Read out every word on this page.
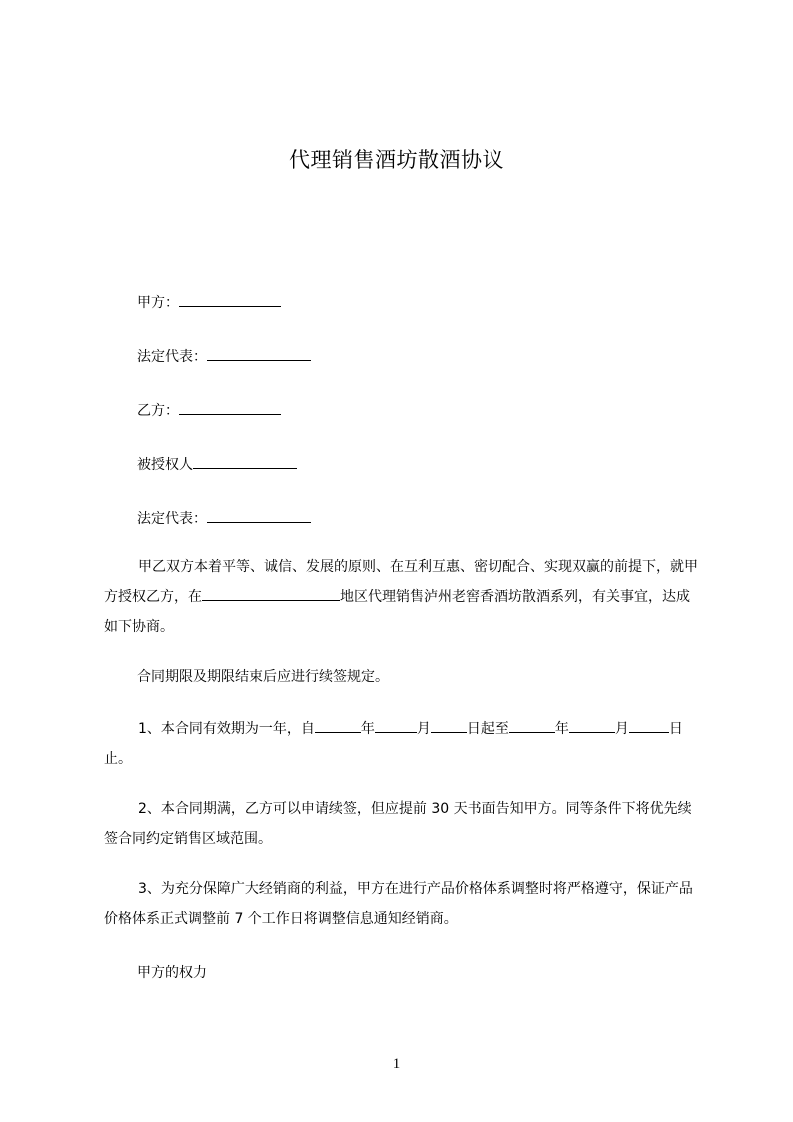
代理销售酒坊散酒协议
甲方：
法定代表：
乙方：
被授权人
法定代表：
甲乙双方本着平等、诚信、发展的原则、在互利互惠、密切配合、实现双赢的前提下，就甲方授权乙方，在	地区代理销售泸州老窖香酒坊散酒系列，有关事宜，达成如下协商。
合同期限及期限结束后应进行续签规定。
1、本合同有效期为一年，自	年	月	日起至	年	月	日止。
2、本合同期满，乙方可以申请续签，但应提前 30 天书面告知甲方。同等条件下将优先续签合同约定销售区域范围。
3、为充分保障广大经销商的利益，甲方在进行产品价格体系调整时将严格遵守，保证产品价格体系正式调整前 7 个工作日将调整信息通知经销商。
甲方的权力
1
